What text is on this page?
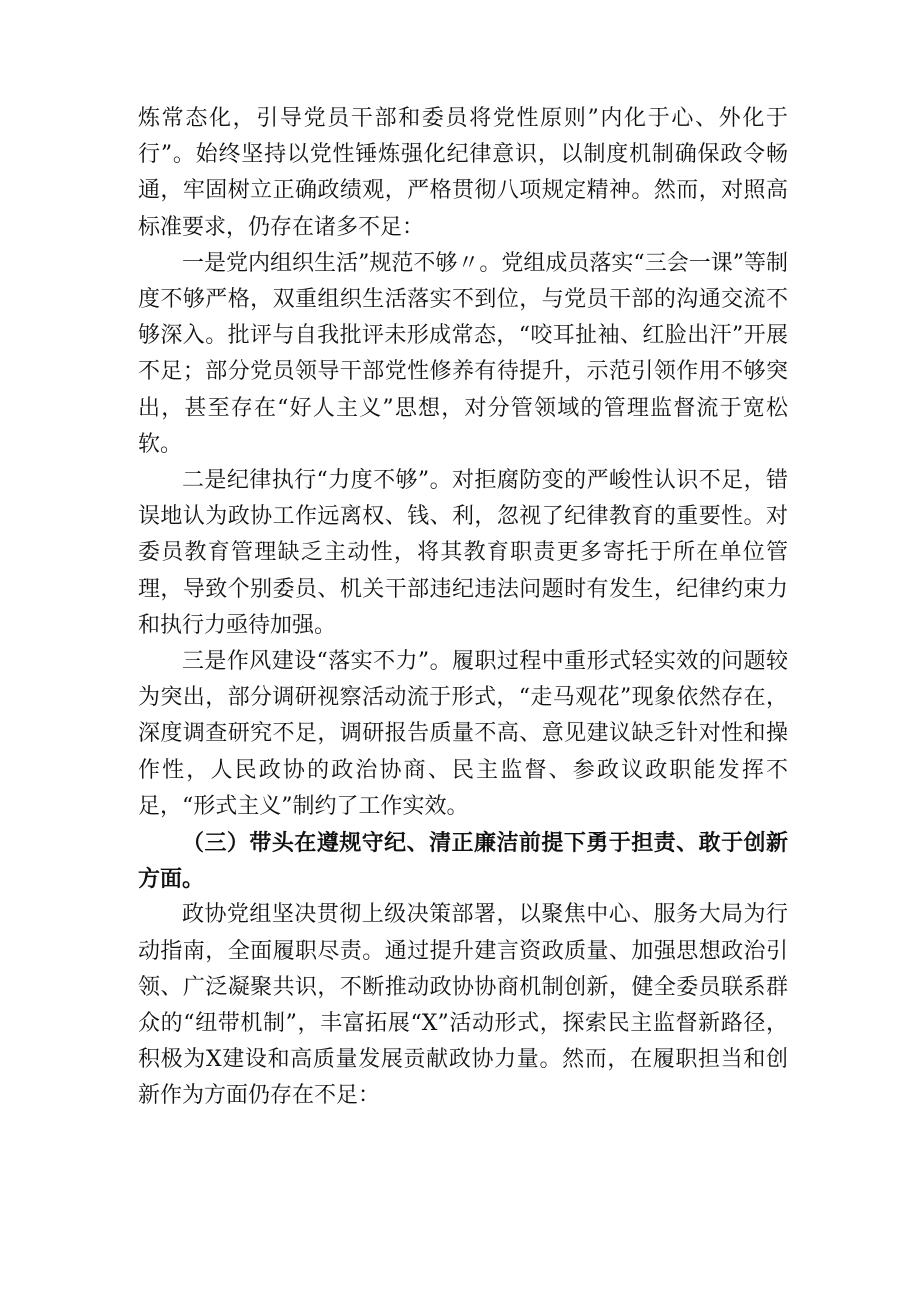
炼常态化，引导党员干部和委员将党性原则”内化于心、外化于行”。始终坚持以党性锤炼强化纪律意识，以制度机制确保政令畅通，牢固树立正确政绩观，严格贯彻八项规定精神。然而，对照高标准要求，仍存在诸多不足：

一是党内组织生活”规范不够〃。党组成员落实“三会一课”等制度不够严格，双重组织生活落实不到位，与党员干部的沟通交流不够深入。批评与自我批评未形成常态，“咬耳扯袖、红脸出汗”开展不足；部分党员领导干部党性修养有待提升，示范引领作用不够突出，甚至存在“好人主义”思想，对分管领域的管理监督流于宽松软。

二是纪律执行“力度不够”。对拒腐防变的严峻性认识不足，错误地认为政协工作远离权、钱、利，忽视了纪律教育的重要性。对委员教育管理缺乏主动性，将其教育职责更多寄托于所在单位管理，导致个别委员、机关干部违纪违法问题时有发生，纪律约束力和执行力亟待加强。

三是作风建设“落实不力”。履职过程中重形式轻实效的问题较为突出，部分调研视察活动流于形式，“走马观花”现象依然存在，深度调查研究不足，调研报告质量不高、意见建议缺乏针对性和操作性，人民政协的政治协商、民主监督、参政议政职能发挥不足，“形式主义”制约了工作实效。

（三）带头在遵规守纪、清正廉洁前提下勇于担责、敢于创新方面。

政协党组坚决贯彻上级决策部署，以聚焦中心、服务大局为行动指南，全面履职尽责。通过提升建言资政质量、加强思想政治引领、广泛凝聚共识，不断推动政协协商机制创新，健全委员联系群众的“纽带机制”，丰富拓展“X”活动形式，探索民主监督新路径，积极为X建设和高质量发展贡献政协力量。然而，在履职担当和创新作为方面仍存在不足：
